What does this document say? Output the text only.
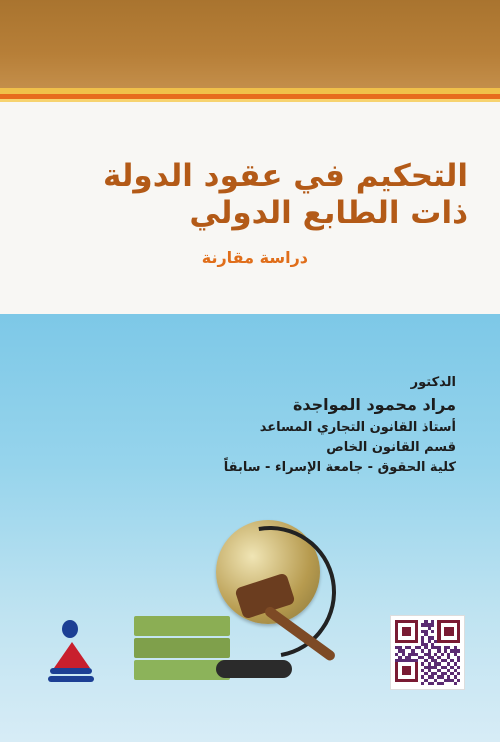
التحكيم في عقود الدولة
ذات الطابع الدولي
دراسة مقارنة
الدكتور
مراد محمود المواجدة
أستاذ القانون التجاري المساعد
قسم القانون الخاص
كلية الحقوق - جامعة الإسراء - سابقاً
